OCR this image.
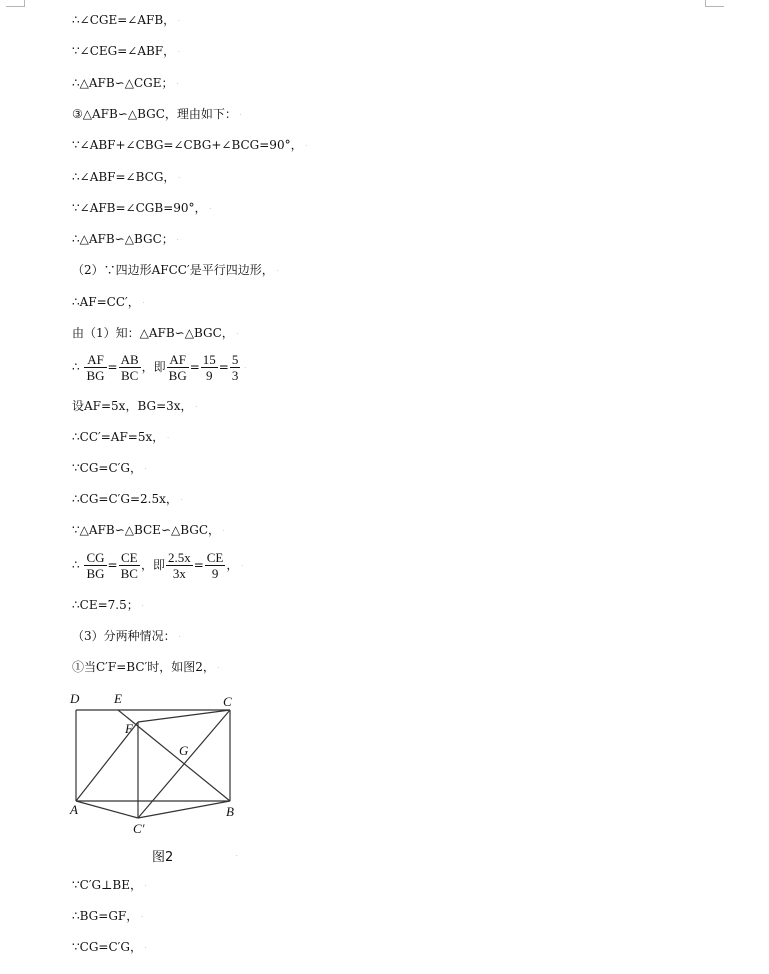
∴∠CGE=∠AFB， .
∵∠CEG=∠ABF， .
∴△AFB∽△CGE； .
③△AFB∽△BGC，理由如下： .
∵∠ABF+∠CBG=∠CBG+∠BCG=90°， .
∴∠ABF=∠BCG， .
∵∠AFB=∠CGB=90°， .
∴△AFB∽△BGC； .
（2）∵四边形AFCC′是平行四边形， .
∴AF=CC′， .
由（1）知：△AFB∽△BGC， .
∴ $\frac{AF}{BG} = \frac{AB}{BC}$ ，即 $\frac{AF}{BG} = \frac{15}{9} = \frac{5}{3}$ .
设AF=5x，BG=3x， .
∴CC′=AF=5x， .
∵CG=C′G， .
∴CG=C′G=2.5x， .
∵△AFB∽△BCE∽△BGC， .
∴ $\frac{CG}{BG} = \frac{CE}{BC}$ ，即 $\frac{2.5x}{3x} = \frac{CE}{9}$ ， .
∴CE=7.5； .
（3）分两种情况： .
①当C′F=BC′时，如图2， .
D	E	C
F
G
A	B
C′
图2	.
∵C′G⊥BE， .
∴BG=GF， .
∵CG=C′G， .
